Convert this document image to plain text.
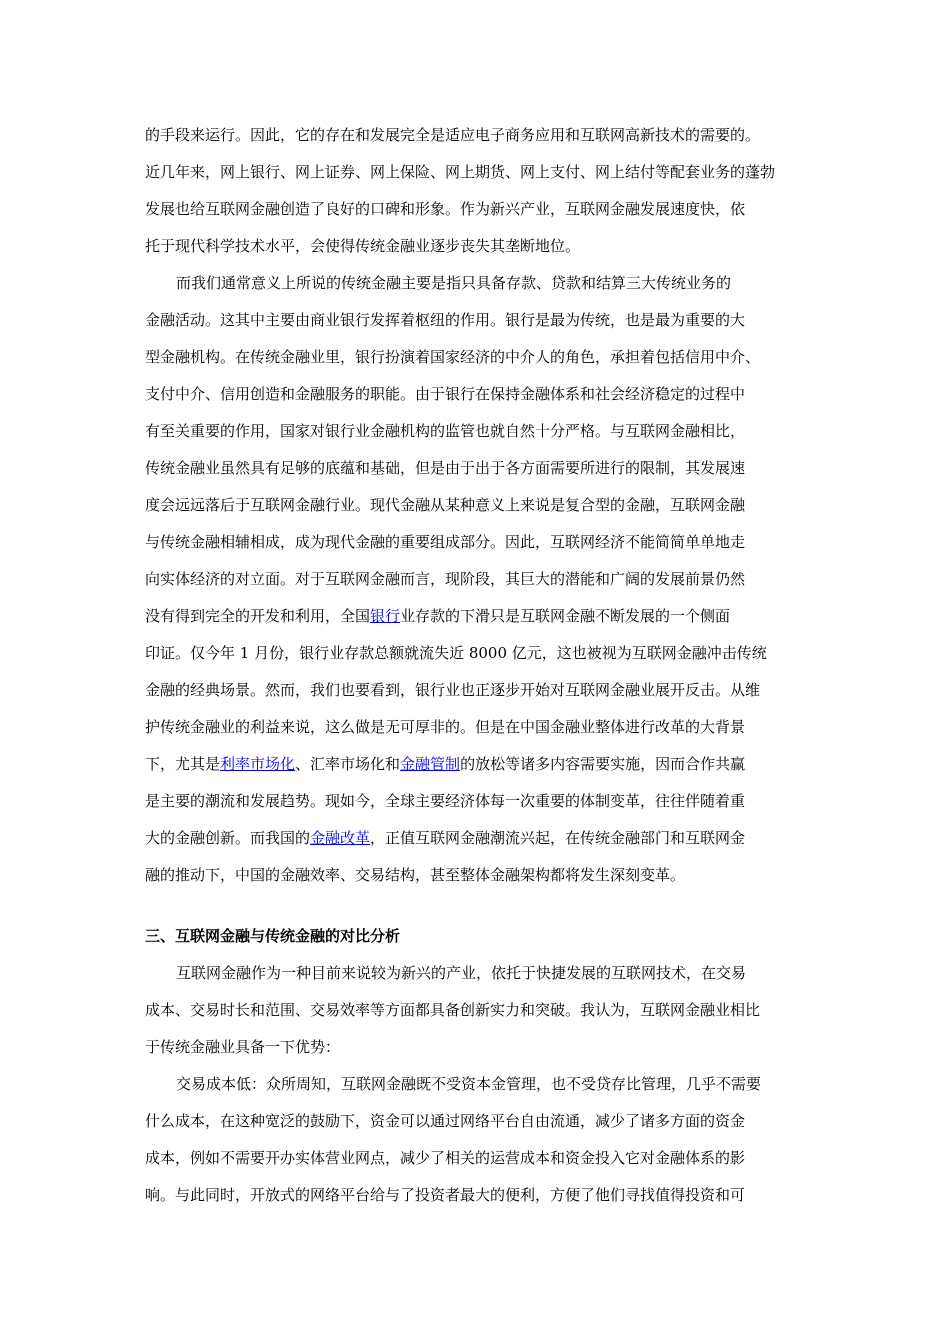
的手段来运行。因此，它的存在和发展完全是适应电子商务应用和互联网高新技术的需要的。
近几年来，网上银行、网上证券、网上保险、网上期货、网上支付、网上结付等配套业务的蓬勃
发展也给互联网金融创造了良好的口碑和形象。作为新兴产业，互联网金融发展速度快，依
托于现代科学技术水平，会使得传统金融业逐步丧失其垄断地位。
而我们通常意义上所说的传统金融主要是指只具备存款、贷款和结算三大传统业务的
金融活动。这其中主要由商业银行发挥着枢纽的作用。银行是最为传统，也是最为重要的大
型金融机构。在传统金融业里，银行扮演着国家经济的中介人的角色，承担着包括信用中介、
支付中介、信用创造和金融服务的职能。由于银行在保持金融体系和社会经济稳定的过程中
有至关重要的作用，国家对银行业金融机构的监管也就自然十分严格。与互联网金融相比，
传统金融业虽然具有足够的底蕴和基础，但是由于出于各方面需要所进行的限制，其发展速
度会远远落后于互联网金融行业。现代金融从某种意义上来说是复合型的金融，互联网金融
与传统金融相辅相成，成为现代金融的重要组成部分。因此，互联网经济不能简简单单地走
向实体经济的对立面。对于互联网金融而言，现阶段，其巨大的潜能和广阔的发展前景仍然
没有得到完全的开发和利用，全国银行业存款的下滑只是互联网金融不断发展的一个侧面
印证。仅今年 1 月份，银行业存款总额就流失近 8000 亿元，这也被视为互联网金融冲击传统
金融的经典场景。然而，我们也要看到，银行业也正逐步开始对互联网金融业展开反击。从维
护传统金融业的利益来说，这么做是无可厚非的。但是在中国金融业整体进行改革的大背景
下，尤其是利率市场化、汇率市场化和金融管制的放松等诸多内容需要实施，因而合作共赢
是主要的潮流和发展趋势。现如今，全球主要经济体每一次重要的体制变革，往往伴随着重
大的金融创新。而我国的金融改革，正值互联网金融潮流兴起，在传统金融部门和互联网金
融的推动下，中国的金融效率、交易结构，甚至整体金融架构都将发生深刻变革。
三、互联网金融与传统金融的对比分析
互联网金融作为一种目前来说较为新兴的产业，依托于快捷发展的互联网技术，在交易
成本、交易时长和范围、交易效率等方面都具备创新实力和突破。我认为，互联网金融业相比
于传统金融业具备一下优势：
交易成本低：众所周知，互联网金融既不受资本金管理，也不受贷存比管理，几乎不需要
什么成本，在这种宽泛的鼓励下，资金可以通过网络平台自由流通，减少了诸多方面的资金
成本，例如不需要开办实体营业网点，减少了相关的运营成本和资金投入它对金融体系的影
响。与此同时，开放式的网络平台给与了投资者最大的便利，方便了他们寻找值得投资和可
